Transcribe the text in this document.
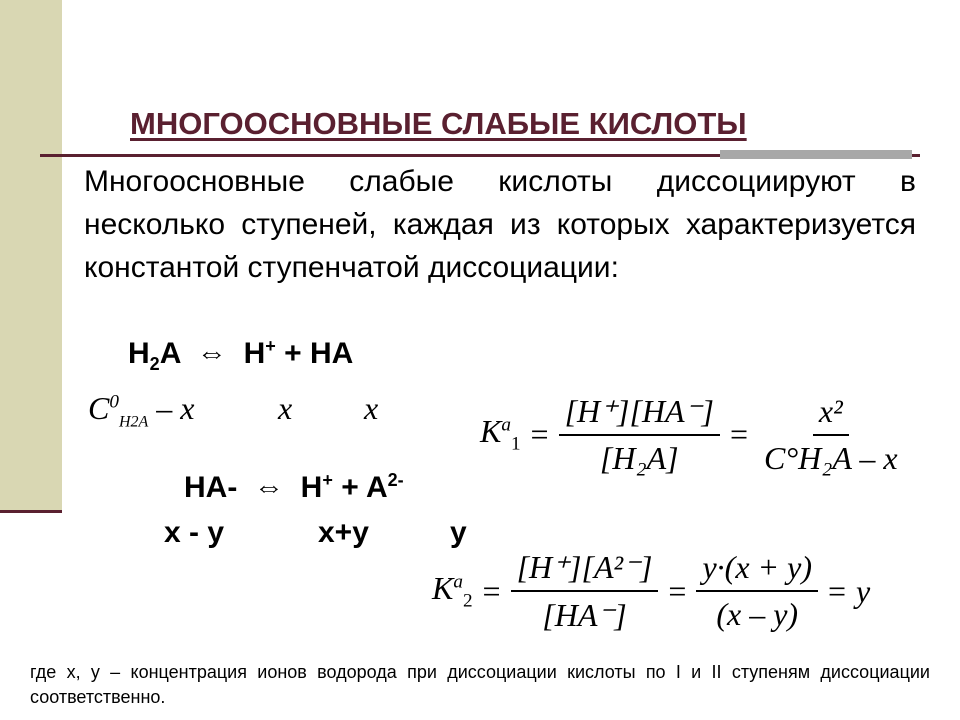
МНОГООСНОВНЫЕ СЛАБЫЕ КИСЛОТЫ
Многоосновные слабые кислоты диссоциируют в несколько ступеней, каждая из которых характеризуется константой ступенчатой диссоциации:
$H_2A$ ⇔ H+ + HA
$C^0_{H2A}$ – x	x x
$K^a_1 = \frac{[H^+][HA^-]}{\text{[H₂A]}} = \frac{\text{x²}}{\text{C°H₂A – x}}$
HA- ⇔ $H^+ + A^{2-}$
x - y	x+y	y
$K^a_2 = \frac{\text{[H⁺][A²⁻]}}{[HA^-]} = \frac{y\cdot(x + y)}{(x - y)} = y$
где x, y – концентрация ионов водорода при диссоциации кислоты по I и II ступеням диссоциации соответственно.
